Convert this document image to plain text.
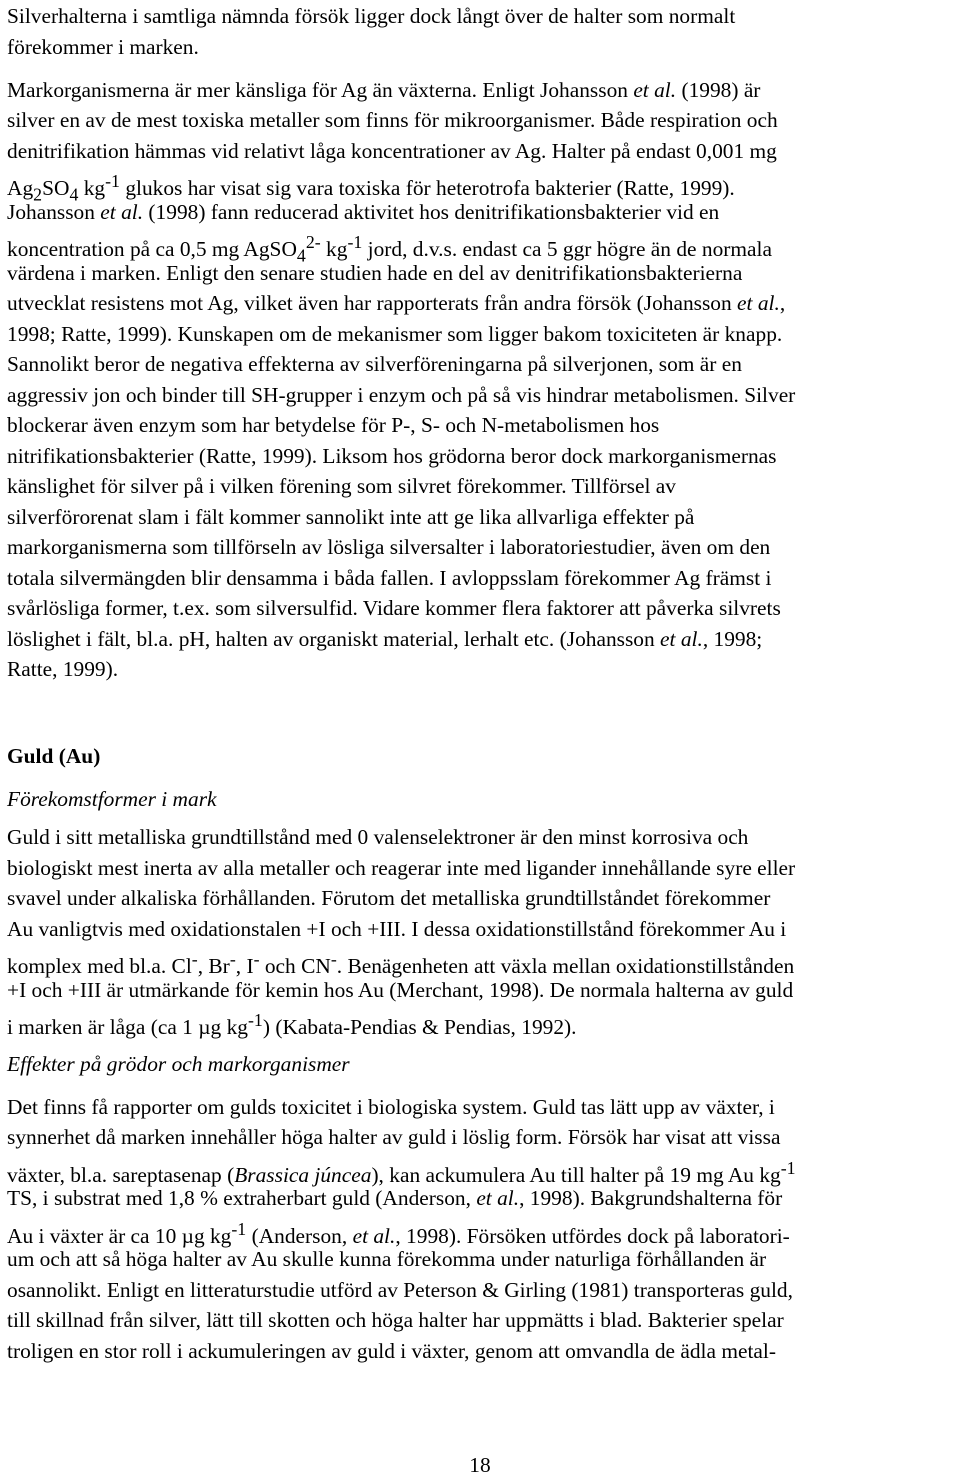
Silverhalterna i samtliga nämnda försök ligger dock långt över de halter som normalt
förekommer i marken.
Markorganismerna är mer känsliga för Ag än växterna. Enligt Johansson et al. (1998) är
silver en av de mest toxiska metaller som finns för mikroorganismer. Både respiration och
denitrifikation hämmas vid relativt låga koncentrationer av Ag. Halter på endast 0,001 mg
$Ag_2SO_4$ $kg^{-1}$ glukos har visat sig vara toxiska för heterotrofa bakterier (Ratte, 1999).
Johansson et al. (1998) fann reducerad aktivitet hos denitrifikationsbakterier vid en
koncentration på ca 0,5 mg AgSO$_4^{2-}$ $kg^{-1}$ jord, d.v.s. endast ca 5 ggr högre än de normala
värdena i marken. Enligt den senare studien hade en del av denitrifikationsbakterierna
utvecklat resistens mot Ag, vilket även har rapporterats från andra försök (Johansson et al.,
1998; Ratte, 1999). Kunskapen om de mekanismer som ligger bakom toxiciteten är knapp.
Sannolikt beror de negativa effekterna av silverföreningarna på silverjonen, som är en
aggressiv jon och binder till SH-grupper i enzym och på så vis hindrar metabolismen. Silver
blockerar även enzym som har betydelse för P-, S- och N-metabolismen hos
nitrifikationsbakterier (Ratte, 1999). Liksom hos grödorna beror dock markorganismernas
känslighet för silver på i vilken förening som silvret förekommer. Tillförsel av
silverförorenat slam i fält kommer sannolikt inte att ge lika allvarliga effekter på
markorganismerna som tillförseln av lösliga silversalter i laboratoriestudier, även om den
totala silvermängden blir densamma i båda fallen. I avloppsslam förekommer Ag främst i
svårlösliga former, t.ex. som silversulfid. Vidare kommer flera faktorer att påverka silvrets
löslighet i fält, bl.a. pH, halten av organiskt material, lerhalt etc. (Johansson et al., 1998;
Ratte, 1999).
Guld (Au)
Förekomstformer i mark
Guld i sitt metalliska grundtillstånd med 0 valenselektroner är den minst korrosiva och
biologiskt mest inerta av alla metaller och reagerar inte med ligander innehållande syre eller
svavel under alkaliska förhållanden. Förutom det metalliska grundtillståndet förekommer
Au vanligtvis med oxidationstalen +I och +III. I dessa oxidationstillstånd förekommer Au i
komplex med bl.a. Cl-, Br-, I- och CN-. Benägenheten att växla mellan oxidationstillstånden
+I och +III är utmärkande för kemin hos Au (Merchant, 1998). De normala halterna av guld
i marken är låga (ca 1 µg $kg^{-1}$) (Kabata-Pendias & Pendias, 1992).
Effekter på grödor och markorganismer
Det finns få rapporter om gulds toxicitet i biologiska system. Guld tas lätt upp av växter, i
synnerhet då marken innehåller höga halter av guld i löslig form. Försök har visat att vissa
växter, bl.a. sareptasenap (Brassica júncea), kan ackumulera Au till halter på 19 mg Au $kg^{-1}$
TS, i substrat med 1,8 % extraherbart guld (Anderson, et al., 1998). Bakgrundshalterna för
Au i växter är ca 10 µg $kg^{-1}$ (Anderson, et al., 1998). Försöken utfördes dock på laboratori-
um och att så höga halter av Au skulle kunna förekomma under naturliga förhållanden är
osannolikt. Enligt en litteraturstudie utförd av Peterson & Girling (1981) transporteras guld,
till skillnad från silver, lätt till skotten och höga halter har uppmätts i blad. Bakterier spelar
troligen en stor roll i ackumuleringen av guld i växter, genom att omvandla de ädla metal-
18
